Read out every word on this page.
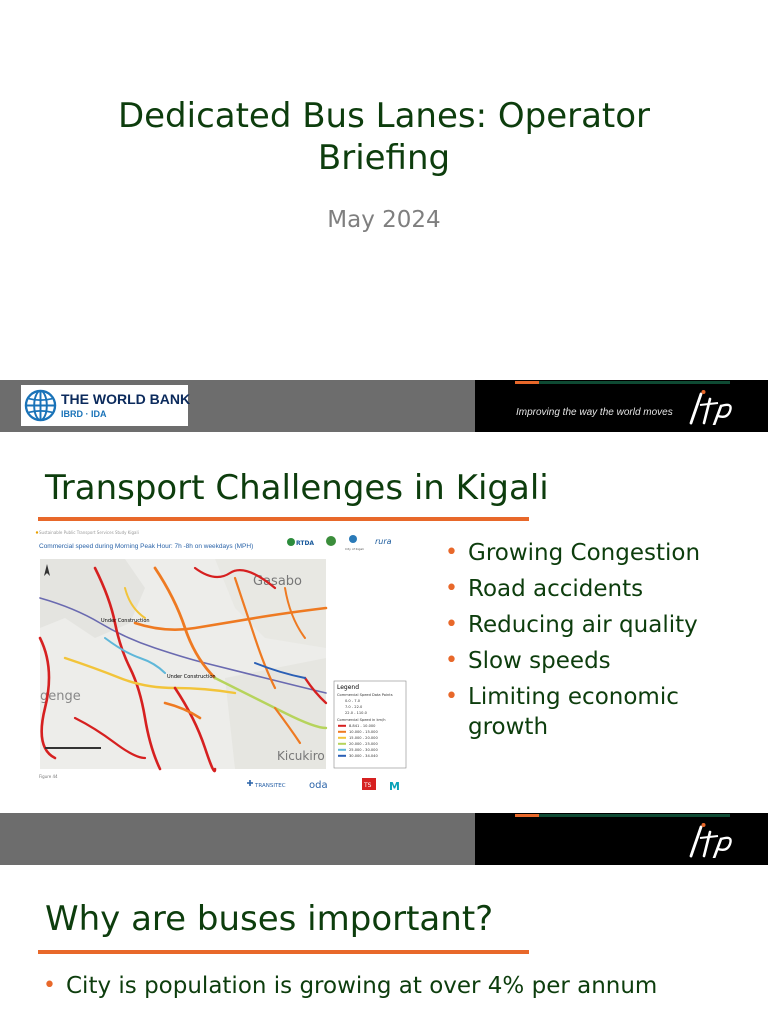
Dedicated Bus Lanes: Operator Briefing
May 2024
THE WORLD BANK
IBRD · IDA	Improving the way the world moves
Transport Challenges in Kigali
Sustainable Public Transport Services Study Kigali
Commercial speed during Morning Peak Hour: 7h -8h on weekdays (MPH)	RTDA
City of Kigali
rura
Gasabo
Kicukiro
genge
Under Construction
Under Construction
Legend
Commercial Speed Data Points
0.0 - 7.0
7.0 - 22.0
22.0 - 110.0
Commercial Speed in km/h
8.841 - 10.000
10.000 - 15.000
15.000 - 20.000
20.000 - 25.000
25.000 - 30.000
30.000 - 34.040
Figure 44
TRANSITEC oda	TS M
• Growing Congestion
• Road accidents
• Reducing air quality
• Slow speeds
• Limiting economic growth
Why are buses important?
• City is population is growing at over 4% per annum
